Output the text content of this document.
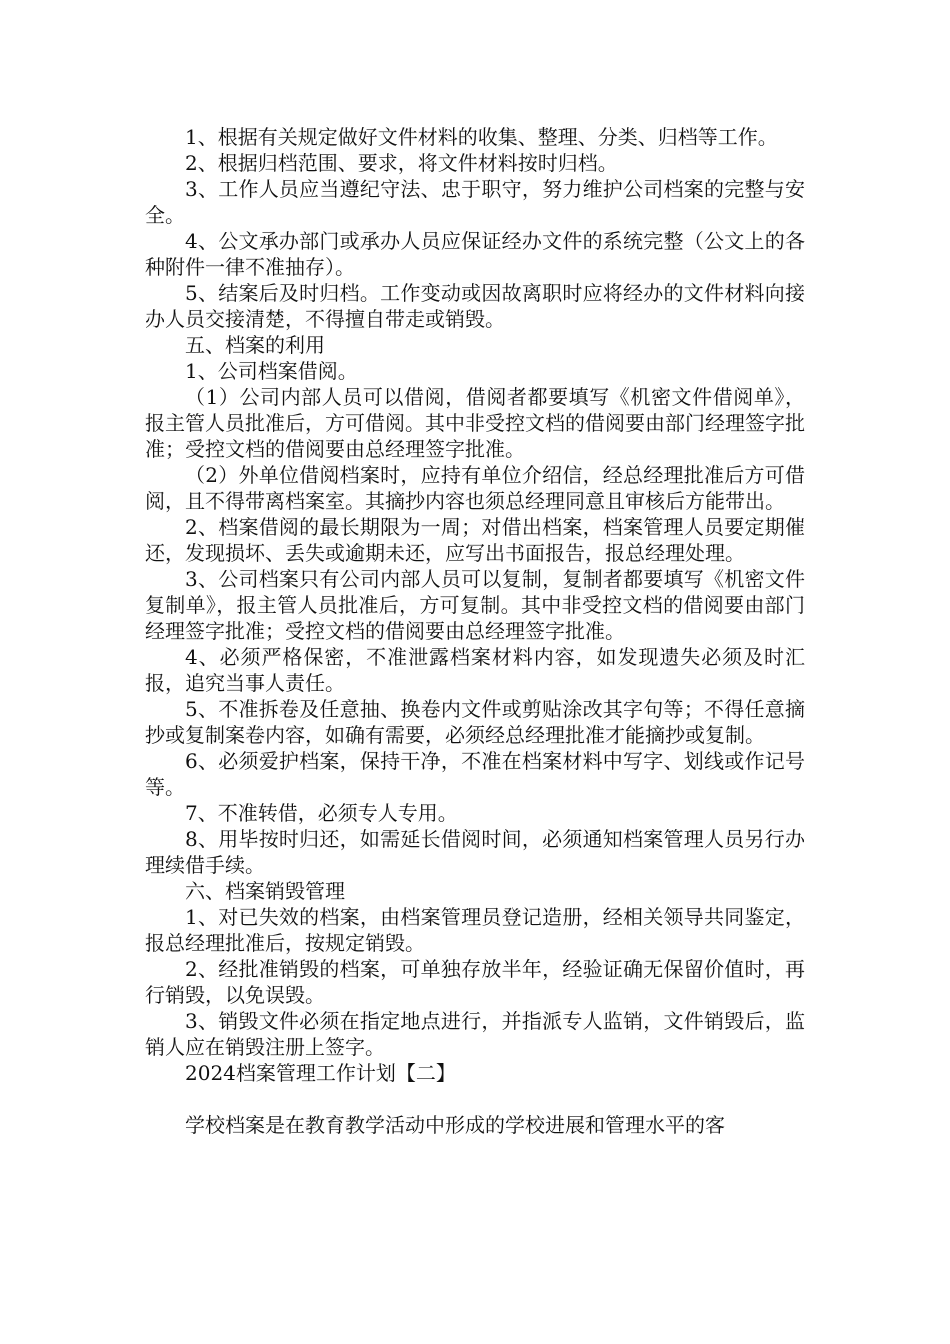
1、根据有关规定做好文件材料的收集、整理、分类、归档等工作。

2、根据归档范围、要求，将文件材料按时归档。

3、工作人员应当遵纪守法、忠于职守，努力维护公司档案的完整与安全。

4、公文承办部门或承办人员应保证经办文件的系统完整（公文上的各种附件一律不准抽存）。

5、结案后及时归档。工作变动或因故离职时应将经办的文件材料向接办人员交接清楚，不得擅自带走或销毁。

五、档案的利用

1、公司档案借阅。

（1）公司内部人员可以借阅，借阅者都要填写《机密文件借阅单》，报主管人员批准后，方可借阅。其中非受控文档的借阅要由部门经理签字批准；受控文档的借阅要由总经理签字批准。

（2）外单位借阅档案时，应持有单位介绍信，经总经理批准后方可借阅，且不得带离档案室。其摘抄内容也须总经理同意且审核后方能带出。

2、档案借阅的最长期限为一周；对借出档案，档案管理人员要定期催还，发现损坏、丢失或逾期未还，应写出书面报告，报总经理处理。

3、公司档案只有公司内部人员可以复制，复制者都要填写《机密文件复制单》，报主管人员批准后，方可复制。其中非受控文档的借阅要由部门经理签字批准；受控文档的借阅要由总经理签字批准。

4、必须严格保密，不准泄露档案材料内容，如发现遗失必须及时汇报，追究当事人责任。

5、不准拆卷及任意抽、换卷内文件或剪贴涂改其字句等；不得任意摘抄或复制案卷内容，如确有需要，必须经总经理批准才能摘抄或复制。

6、必须爱护档案，保持干净，不准在档案材料中写字、划线或作记号等。

7、不准转借，必须专人专用。

8、用毕按时归还，如需延长借阅时间，必须通知档案管理人员另行办理续借手续。

六、档案销毁管理

1、对已失效的档案，由档案管理员登记造册，经相关领导共同鉴定，报总经理批准后，按规定销毁。

2、经批准销毁的档案，可单独存放半年，经验证确无保留价值时，再行销毁，以免误毁。

3、销毁文件必须在指定地点进行，并指派专人监销，文件销毁后，监销人应在销毁注册上签字。

2024档案管理工作计划【二】

学校档案是在教育教学活动中形成的学校进展和管理水平的客
